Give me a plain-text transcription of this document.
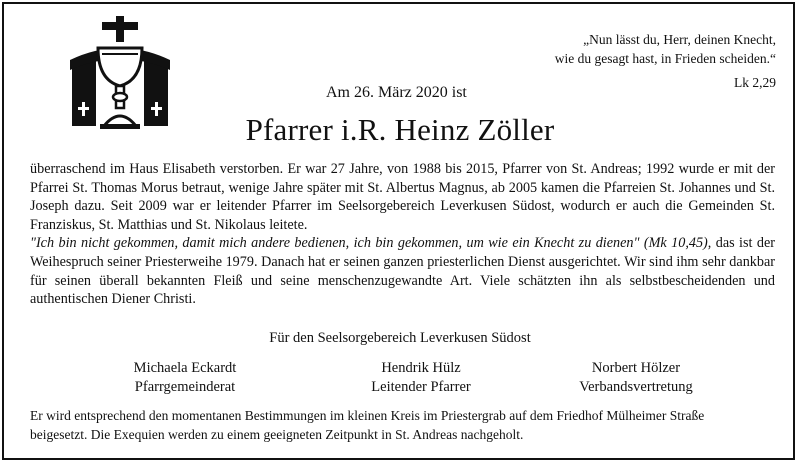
„Nun lässt du, Herr, deinen Knecht,
wie du gesagt hast, in Frieden scheiden.“
Lk 2,29
Am 26. März 2020 ist
Pfarrer i.R. Heinz Zöller

überraschend im Haus Elisabeth verstorben. Er war 27 Jahre, von 1988 bis 2015, Pfarrer von St. Andreas; 1992 wurde er mit der Pfarrei St. Thomas Morus betraut, wenige Jahre später mit St. Albertus Magnus, ab 2005 kamen die Pfarreien St. Johannes und St. Joseph dazu. Seit 2009 war er leitender Pfarrer im Seelsorgebereich Leverkusen Südost, wodurch er auch die Gemeinden St. Franziskus, St. Matthias und St. Nikolaus leitete.

"Ich bin nicht gekommen, damit mich andere bedienen, ich bin gekommen, um wie ein Knecht zu dienen" (Mk 10,45), das ist der Weihespruch seiner Priesterweihe 1979. Danach hat er seinen ganzen priesterlichen Dienst ausgerichtet. Wir sind ihm sehr dankbar für seinen überall bekannten Fleiß und seine menschenzugewandte Art. Viele schätzten ihn als selbstbescheidenden und authentischen Diener Christi.

Für den Seelsorgebereich Leverkusen Südost
Michaela Eckardt
Pfarrgemeinderat
Hendrik Hülz
Leitender Pfarrer
Norbert Hölzer
Verbandsvertretung

Er wird entsprechend den momentanen Bestimmungen im kleinen Kreis im Priestergrab auf dem Friedhof Mülheimer Straße

beigesetzt. Die Exequien werden zu einem geeigneten Zeitpunkt in St. Andreas nachgeholt.
